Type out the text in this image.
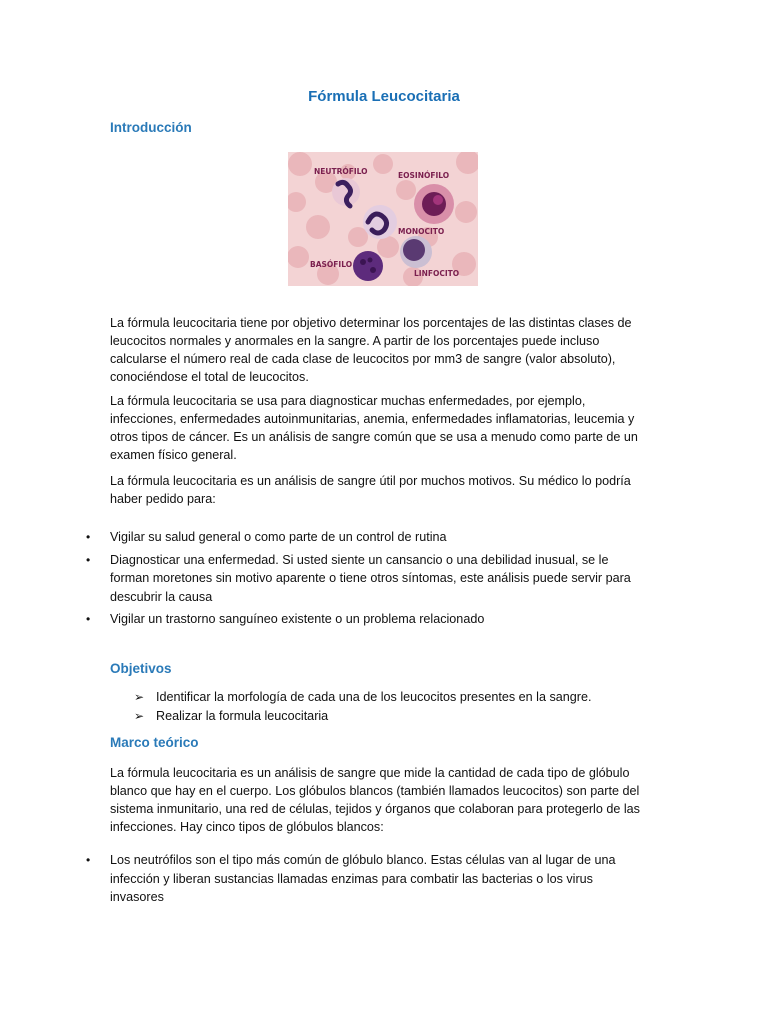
Fórmula Leucocitaria
Introducción
NEUTRÓFILO	EOSINÓFILO
MONOCITO
BASÓFILO
LINFOCITO
La fórmula leucocitaria tiene por objetivo determinar los porcentajes de las distintas clases de
leucocitos normales y anormales en la sangre. A partir de los porcentajes puede incluso
calcularse el número real de cada clase de leucocitos por mm3 de sangre (valor absoluto),
conociéndose el total de leucocitos.
La fórmula leucocitaria se usa para diagnosticar muchas enfermedades, por ejemplo,
infecciones, enfermedades autoinmunitarias, anemia, enfermedades inflamatorias, leucemia y
otros tipos de cáncer. Es un análisis de sangre común que se usa a menudo como parte de un
examen físico general.
La fórmula leucocitaria es un análisis de sangre útil por muchos motivos. Su médico lo podría
haber pedido para:
• Vigilar su salud general o como parte de un control de rutina
• Diagnosticar una enfermedad. Si usted siente un cansancio o una debilidad inusual, se le
forman moretones sin motivo aparente o tiene otros síntomas, este análisis puede servir para
descubrir la causa
• Vigilar un trastorno sanguíneo existente o un problema relacionado
Objetivos
➢ Identificar la morfología de cada una de los leucocitos presentes en la sangre.
➢ Realizar la formula leucocitaria
Marco teórico
La fórmula leucocitaria es un análisis de sangre que mide la cantidad de cada tipo de glóbulo
blanco que hay en el cuerpo. Los glóbulos blancos (también llamados leucocitos) son parte del
sistema inmunitario, una red de células, tejidos y órganos que colaboran para protegerlo de las
infecciones. Hay cinco tipos de glóbulos blancos:
• Los neutrófilos son el tipo más común de glóbulo blanco. Estas células van al lugar de una
infección y liberan sustancias llamadas enzimas para combatir las bacterias o los virus
invasores
